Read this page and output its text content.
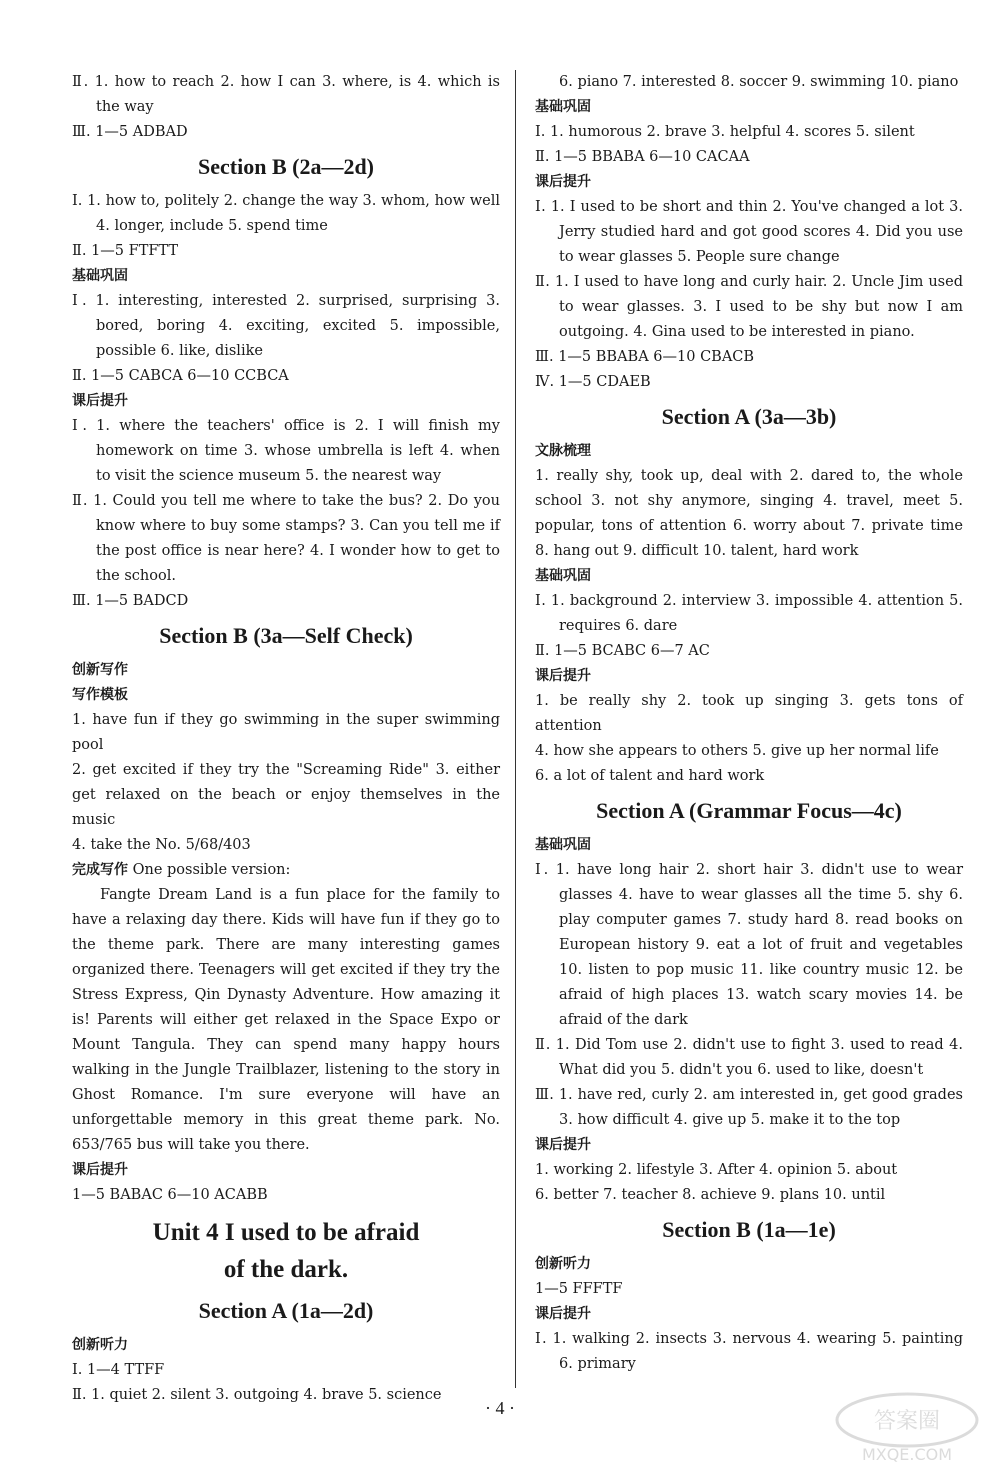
Ⅱ. 1. how to reach 2. how I can 3. where, is 4. which is the way

Ⅲ. 1—5 ADBAD

Section B (2a—2d)

Ⅰ. 1. how to, politely 2. change the way 3. whom, how well 4. longer, include 5. spend time

Ⅱ. 1—5 FTFTT

基础巩固

Ⅰ. 1. interesting, interested 2. surprised, surprising 3. bored, boring 4. exciting, excited 5. impossible, possible 6. like, dislike

Ⅱ. 1—5 CABCA 6—10 CCBCA

课后提升

Ⅰ. 1. where the teachers' office is 2. I will finish my homework on time 3. whose umbrella is left 4. when to visit the science museum 5. the nearest way

Ⅱ. 1. Could you tell me where to take the bus? 2. Do you know where to buy some stamps? 3. Can you tell me if the post office is near here? 4. I wonder how to get to the school.

Ⅲ. 1—5 BADCD

Section B (3a—Self Check)

创新写作

写作模板

1. have fun if they go swimming in the super swimming pool

2. get excited if they try the "Screaming Ride" 3. either get relaxed on the beach or enjoy themselves in the music

4. take the No. 5/68/403

完成写作 One possible version:

Fangte Dream Land is a fun place for the family to have a relaxing day there. Kids will have fun if they go to the theme park. There are many interesting games organized there. Teenagers will get excited if they try the Stress Express, Qin Dynasty Adventure. How amazing it is! Parents will either get relaxed in the Space Expo or Mount Tangula. They can spend many happy hours walking in the Jungle Trailblazer, listening to the story in Ghost Romance. I'm sure everyone will have an unforgettable memory in this great theme park. No. 653/765 bus will take you there.

课后提升

1—5 BABAC 6—10 ACABB

Unit 4 I used to be afraid
of the dark.
Section A (1a—2d)

创新听力

Ⅰ. 1—4 TTFF

Ⅱ. 1. quiet 2. silent 3. outgoing 4. brave 5. science

6. piano 7. interested 8. soccer 9. swimming 10. piano

基础巩固

Ⅰ. 1. humorous 2. brave 3. helpful 4. scores 5. silent

Ⅱ. 1—5 BBABA 6—10 CACAA

课后提升

Ⅰ. 1. I used to be short and thin 2. You've changed a lot 3. Jerry studied hard and got good scores 4. Did you use to wear glasses 5. People sure change

Ⅱ. 1. I used to have long and curly hair. 2. Uncle Jim used to wear glasses. 3. I used to be shy but now I am outgoing. 4. Gina used to be interested in piano.

Ⅲ. 1—5 BBABA 6—10 CBACB

Ⅳ. 1—5 CDAEB

Section A (3a—3b)

文脉梳理

1. really shy, took up, deal with 2. dared to, the whole school 3. not shy anymore, singing 4. travel, meet 5. popular, tons of attention 6. worry about 7. private time 8. hang out 9. difficult 10. talent, hard work

基础巩固

Ⅰ. 1. background 2. interview 3. impossible 4. attention 5. requires 6. dare

Ⅱ. 1—5 BCABC 6—7 AC

课后提升

1. be really shy 2. took up singing 3. gets tons of attention

4. how she appears to others 5. give up her normal life

6. a lot of talent and hard work

Section A (Grammar Focus—4c)

基础巩固

Ⅰ. 1. have long hair 2. short hair 3. didn't use to wear glasses 4. have to wear glasses all the time 5. shy 6. play computer games 7. study hard 8. read books on European history 9. eat a lot of fruit and vegetables 10. listen to pop music 11. like country music 12. be afraid of high places 13. watch scary movies 14. be afraid of the dark

Ⅱ. 1. Did Tom use 2. didn't use to fight 3. used to read 4. What did you 5. didn't you 6. used to like, doesn't

Ⅲ. 1. have red, curly 2. am interested in, get good grades 3. how difficult 4. give up 5. make it to the top

课后提升

1. working 2. lifestyle 3. After 4. opinion 5. about

6. better 7. teacher 8. achieve 9. plans 10. until

Section B (1a—1e)

创新听力

1—5 FFFTF

课后提升

Ⅰ. 1. walking 2. insects 3. nervous 4. wearing 5. painting 6. primary

· 4 ·
答案圈
MXQE.COM
